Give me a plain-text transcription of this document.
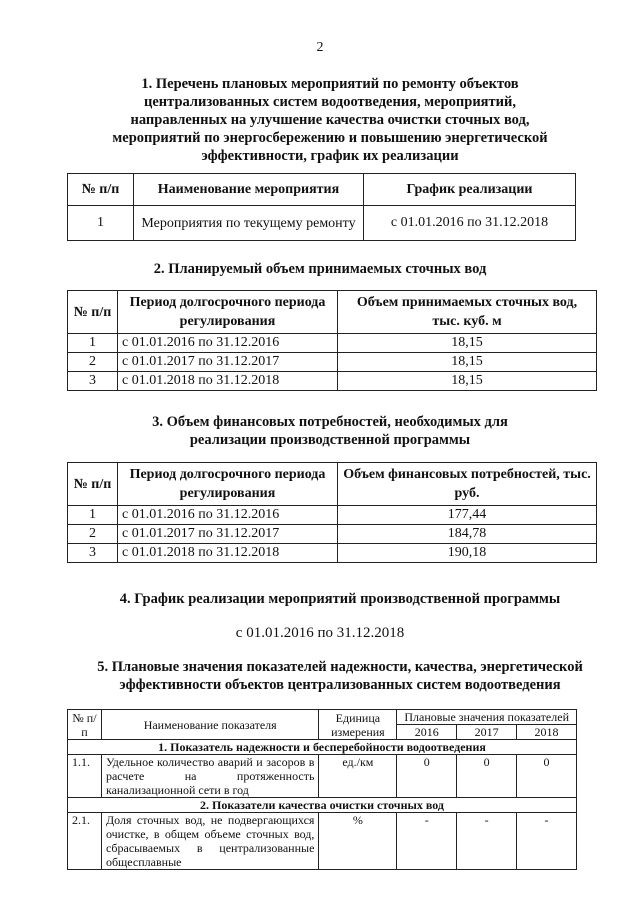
2
1. Перечень плановых мероприятий по ремонту объектов
централизованных систем водоотведения, мероприятий,
направленных на улучшение качества очистки сточных вод,
мероприятий по энергосбережению и повышению энергетической
эффективности, график их реализации
№ п/п	Наименование мероприятия	График реализации
1	Мероприятия по текущему ремонту	с 01.01.2016 по 31.12.2018
2. Планируемый объем принимаемых сточных вод
№ п/п	Период долгосрочного периода регулирования	Объем принимаемых сточных вод, тыс. куб. м
1	с 01.01.2016 по 31.12.2016	18,15
2	с 01.01.2017 по 31.12.2017	18,15
3	с 01.01.2018 по 31.12.2018	18,15
3. Объем финансовых потребностей, необходимых для
реализации производственной программы
№ п/п	Период долгосрочного периода регулирования	Объем финансовых потребностей, тыс. руб.
1	с 01.01.2016 по 31.12.2016	177,44
2	с 01.01.2017 по 31.12.2017	184,78
3	с 01.01.2018 по 31.12.2018	190,18
4. График реализации мероприятий производственной программы
с 01.01.2016 по 31.12.2018
5. Плановые значения показателей надежности, качества, энергетической
эффективности объектов централизованных систем водоотведения
№ п/п	Наименование показателя	Единица измерения	Плановые значения показателей		
			2016	2017	2018
1. Показатель надежности и бесперебойности водоотведения					
1.1.	Удельное количество аварий и засоров в расчете на протяженность канализационной сети в год	ед./км	0	0	0
2. Показатели качества очистки сточных вод					
2.1.	Доля сточных вод, не подвергающихся очистке, в общем объеме сточных вод, сбрасываемых в централизованные общесплавные	%	-	-	-
